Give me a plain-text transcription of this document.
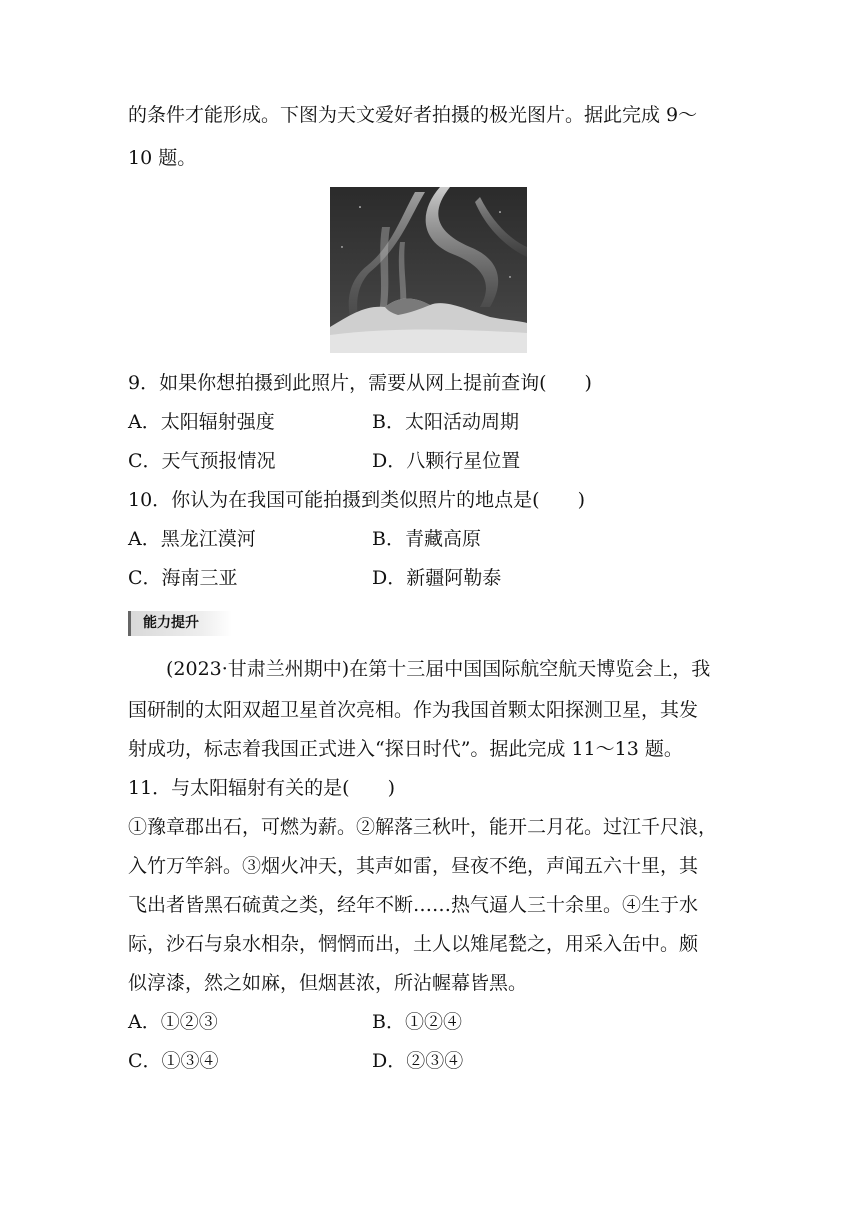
的条件才能形成。下图为天文爱好者拍摄的极光图片。据此完成 9～
10 题。
9．如果你想拍摄到此照片，需要从网上提前查询(　　)
A．太阳辐射强度	B．太阳活动周期
C．天气预报情况	D．八颗行星位置
10．你认为在我国可能拍摄到类似照片的地点是(　　)
A．黑龙江漠河	B．青藏高原
C．海南三亚	D．新疆阿勒泰
能力提升
　　(2023·甘肃兰州期中)在第十三届中国国际航空航天博览会上，我
国研制的太阳双超卫星首次亮相。作为我国首颗太阳探测卫星，其发
射成功，标志着我国正式进入“探日时代”。据此完成 11～13 题。
11．与太阳辐射有关的是(　　)
①豫章郡出石，可燃为薪。②解落三秋叶，能开二月花。过江千尺浪，
入竹万竿斜。③烟火冲天，其声如雷，昼夜不绝，声闻五六十里，其
飞出者皆黑石硫黄之类，经年不断……热气逼人三十余里。④生于水
际，沙石与泉水相杂，惘惘而出，土人以雉尾甃之，用采入缶中。颇
似淳漆，然之如麻，但烟甚浓，所沾幄幕皆黑。
A．①②③	B．①②④
C．①③④	D．②③④
